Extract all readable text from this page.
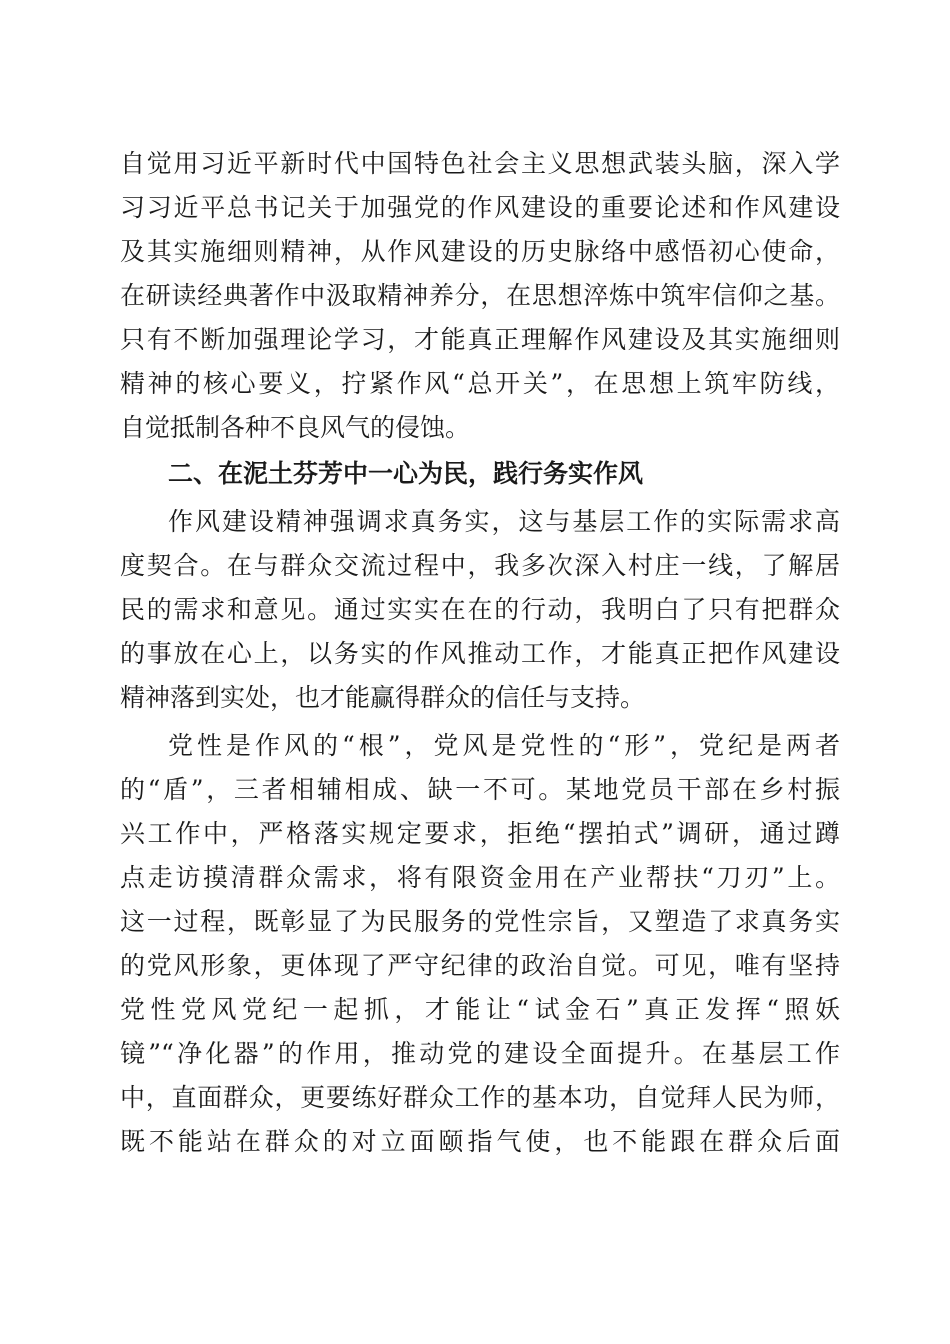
自觉用习近平新时代中国特色社会主义思想武装头脑，深入学
习习近平总书记关于加强党的作风建设的重要论述和作风建设
及其实施细则精神，从作风建设的历史脉络中感悟初心使命，
在研读经典著作中汲取精神养分，在思想淬炼中筑牢信仰之基。
只有不断加强理论学习，才能真正理解作风建设及其实施细则
精神的核心要义，拧紧作风“总开关”，在思想上筑牢防线，
自觉抵制各种不良风气的侵蚀。
二、在泥土芬芳中一心为民，践行务实作风
作风建设精神强调求真务实，这与基层工作的实际需求高
度契合。在与群众交流过程中，我多次深入村庄一线，了解居
民的需求和意见。通过实实在在的行动，我明白了只有把群众
的事放在心上，以务实的作风推动工作，才能真正把作风建设
精神落到实处，也才能赢得群众的信任与支持。
党性是作风的“根”，党风是党性的“形”，党纪是两者
的“盾”，三者相辅相成、缺一不可。某地党员干部在乡村振
兴工作中，严格落实规定要求，拒绝“摆拍式”调研，通过蹲
点走访摸清群众需求，将有限资金用在产业帮扶“刀刃”上。
这一过程，既彰显了为民服务的党性宗旨，又塑造了求真务实
的党风形象，更体现了严守纪律的政治自觉。可见，唯有坚持
党性党风党纪一起抓，才能让“试金石”真正发挥“照妖
镜”“净化器”的作用，推动党的建设全面提升。在基层工作
中，直面群众，更要练好群众工作的基本功，自觉拜人民为师，
既不能站在群众的对立面颐指气使，也不能跟在群众后面
